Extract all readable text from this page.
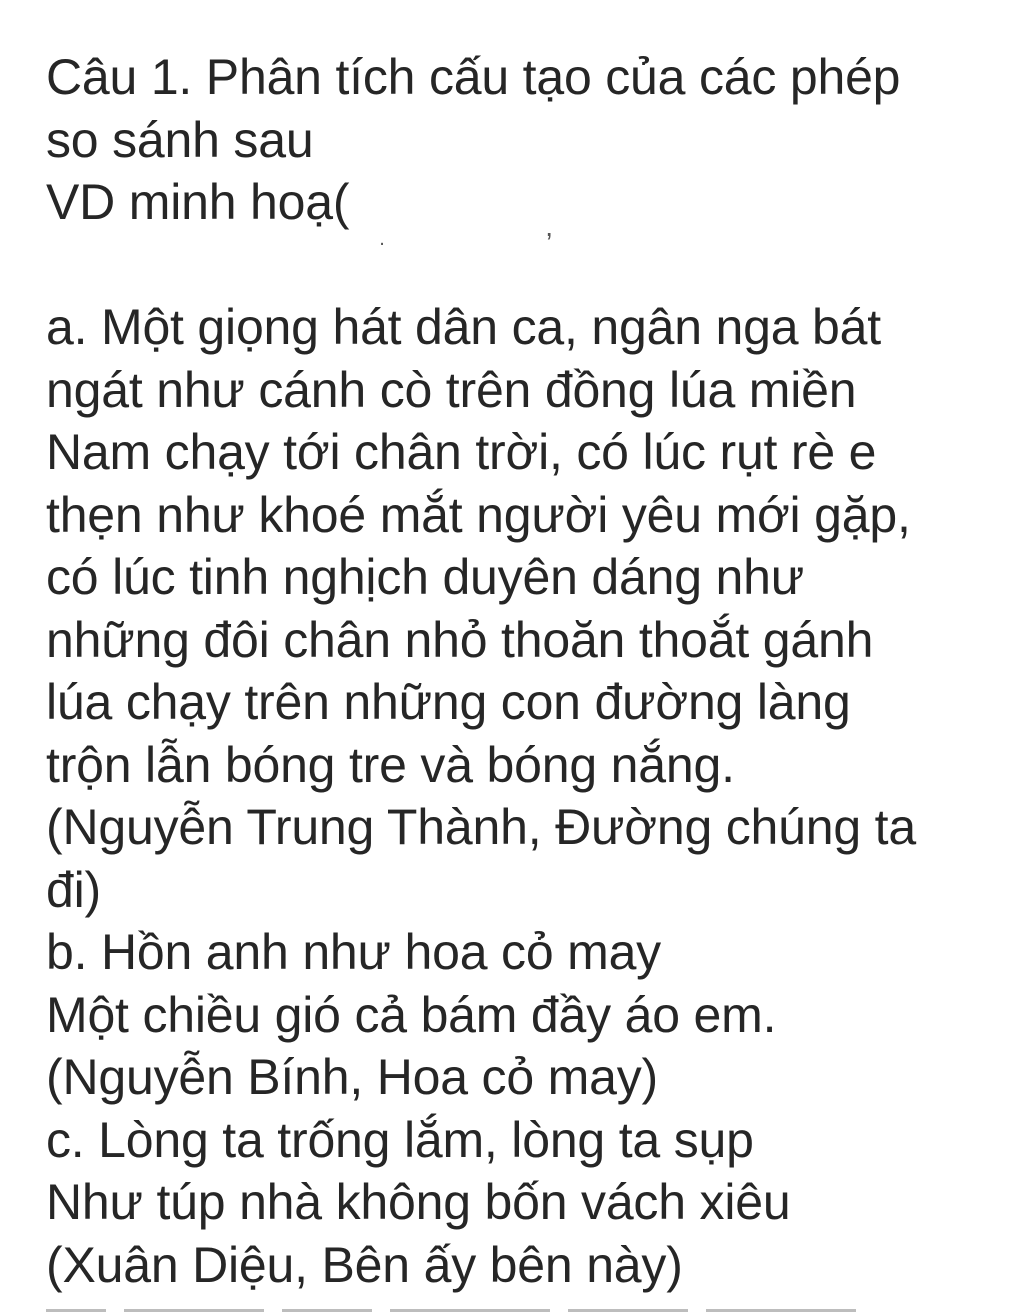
Câu 1. Phân tích cấu tạo của các phép
so sánh sau
VD minh hoạ(
.	,
a. Một giọng hát dân ca, ngân nga bát
ngát như cánh cò trên đồng lúa miền
Nam chạy tới chân trời, có lúc rụt rè e
thẹn như khoé mắt người yêu mới gặp,
có lúc tinh nghịch duyên dáng như
những đôi chân nhỏ thoăn thoắt gánh
lúa chạy trên những con đường làng
trộn lẫn bóng tre và bóng nắng.
(Nguyễn Trung Thành, Đường chúng ta
đi)
b. Hồn anh như hoa cỏ may
Một chiều gió cả bám đầy áo em.
(Nguyễn Bính, Hoa cỏ may)
c. Lòng ta trống lắm, lòng ta sụp
Như túp nhà không bốn vách xiêu
(Xuân Diệu, Bên ấy bên này)
